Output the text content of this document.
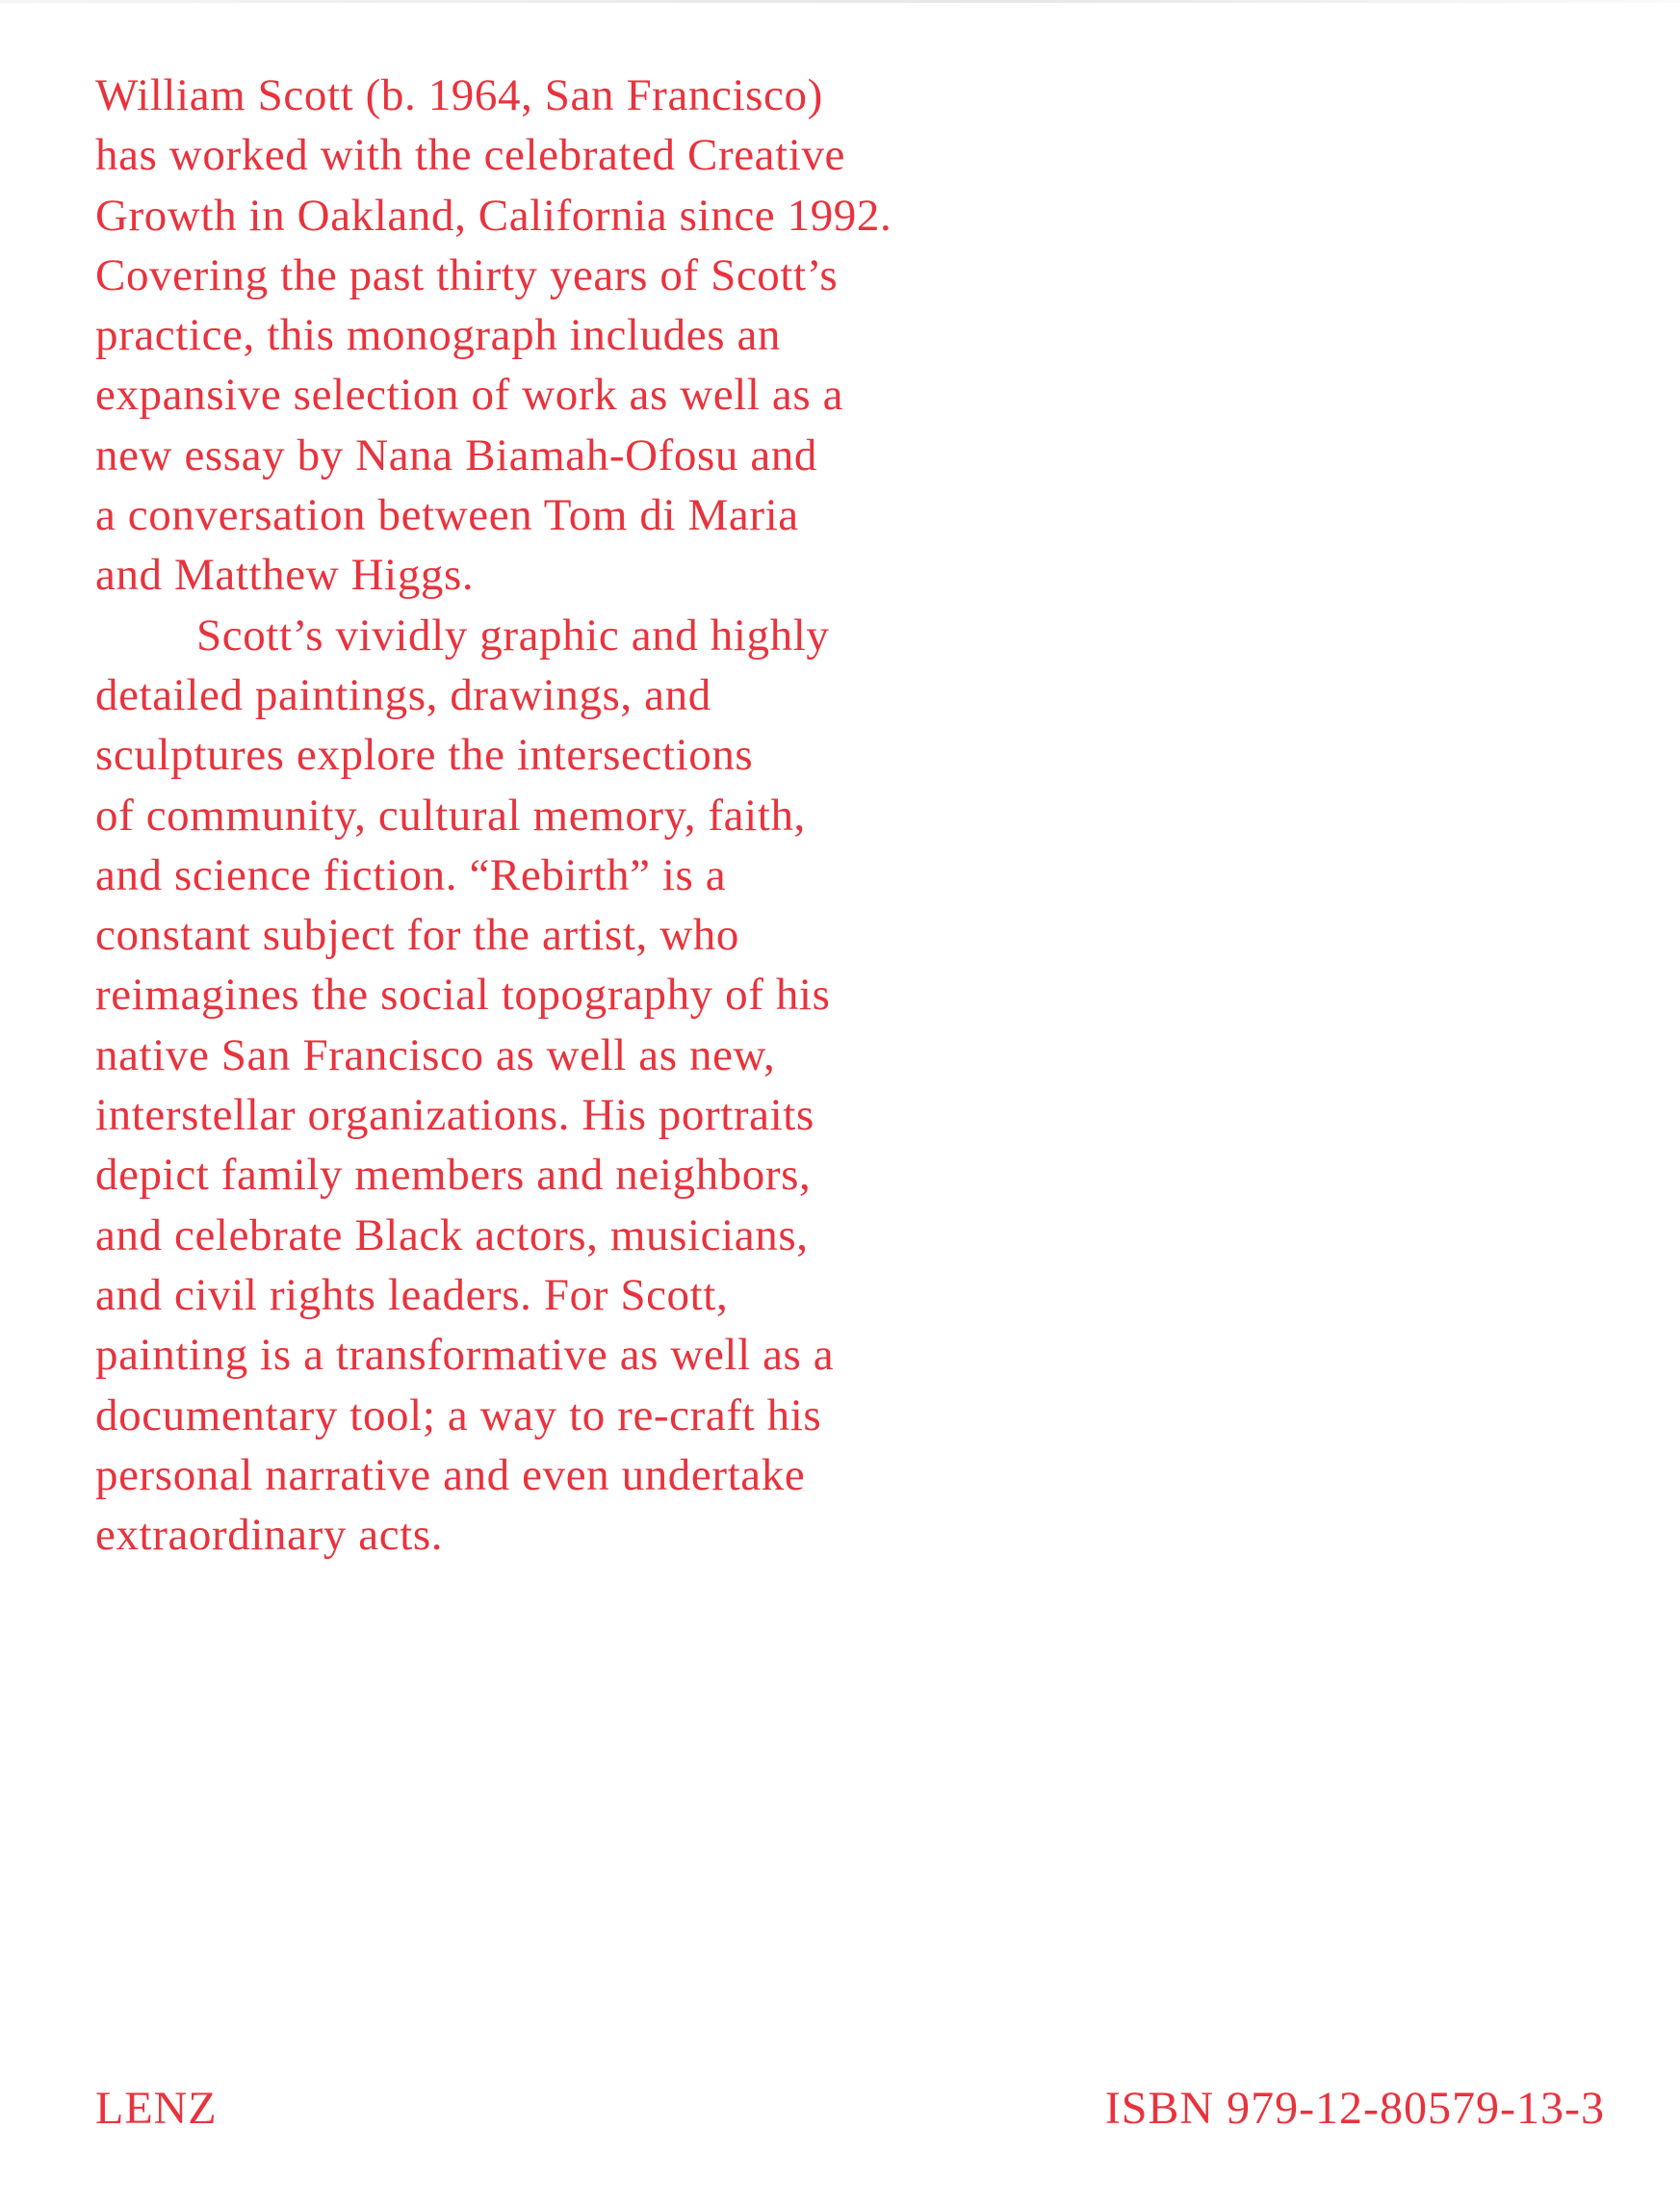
William Scott (b. 1964, San Francisco)
has worked with the celebrated Creative
Growth in Oakland, California since 1992.
Covering the past thirty years of Scott’s
practice, this monograph includes an
expansive selection of work as well as a
new essay by Nana Biamah-Ofosu and
a conversation between Tom di Maria
and Matthew Higgs.

Scott’s vividly graphic and highly
detailed paintings, drawings, and
sculptures explore the intersections
of community, cultural memory, faith,
and science fiction. “Rebirth” is a
constant subject for the artist, who
reimagines the social topography of his
native San Francisco as well as new,
interstellar organizations. His portraits
depict family members and neighbors,
and celebrate Black actors, musicians,
and civil rights leaders. For Scott,
painting is a transformative as well as a
documentary tool; a way to re-craft his
personal narrative and even undertake
extraordinary acts.

LENZ	ISBN 979-12-80579-13-3
